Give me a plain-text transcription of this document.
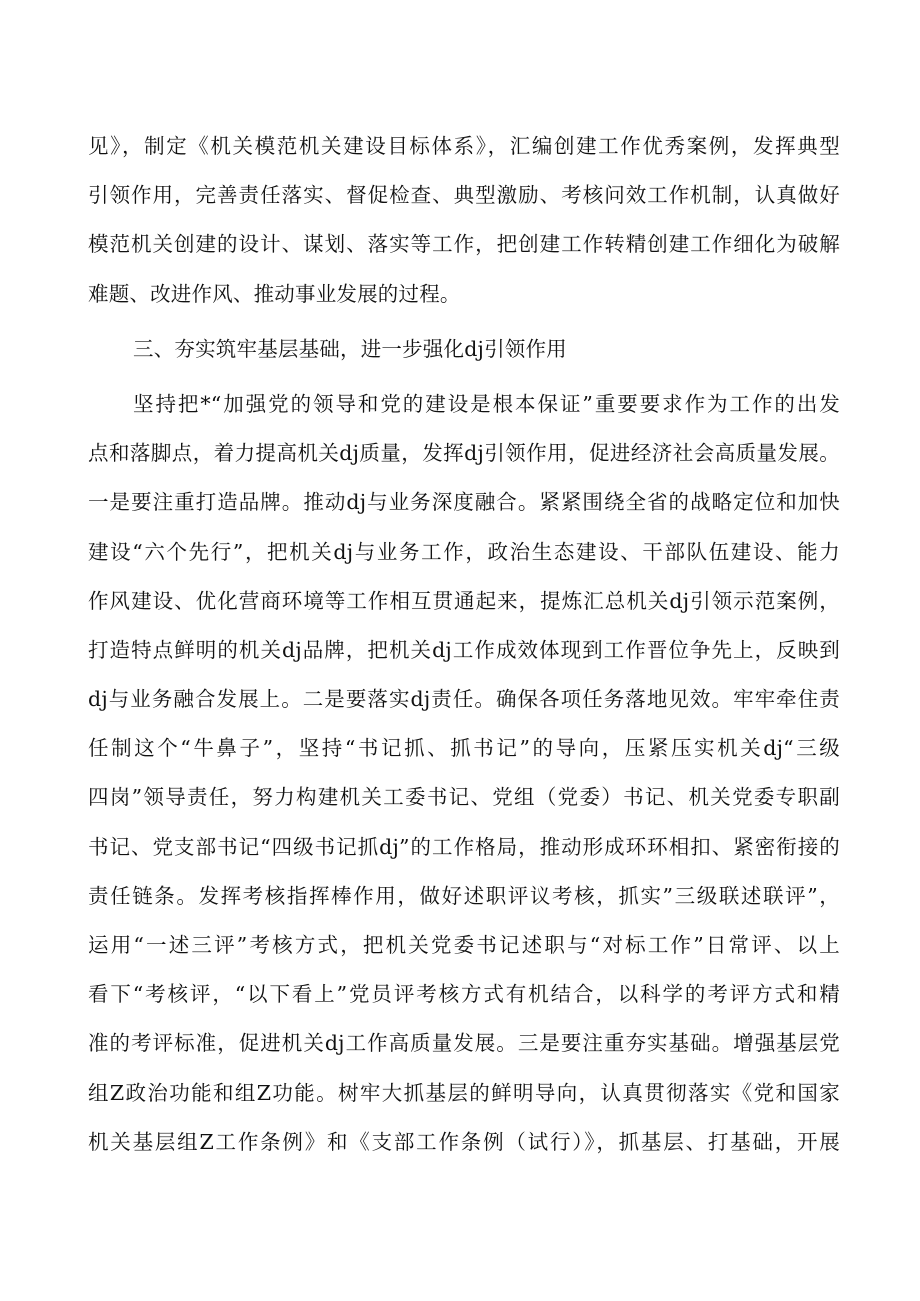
见》，制定《机关模范机关建设目标体系》，汇编创建工作优秀案例，发挥典型
引领作用，完善责任落实、督促检查、典型激励、考核问效工作机制，认真做好
模范机关创建的设计、谋划、落实等工作，把创建工作转精创建工作细化为破解
难题、改进作风、推动事业发展的过程。
三、夯实筑牢基层基础，进一步强化dj引领作用
坚持把*“加强党的领导和党的建设是根本保证”重要要求作为工作的出发
点和落脚点，着力提高机关dj质量，发挥dj引领作用，促进经济社会高质量发展。
一是要注重打造品牌。推动dj与业务深度融合。紧紧围绕全省的战略定位和加快
建设“六个先行”，把机关dj与业务工作，政治生态建设、干部队伍建设、能力
作风建设、优化营商环境等工作相互贯通起来，提炼汇总机关dj引领示范案例，
打造特点鲜明的机关dj品牌，把机关dj工作成效体现到工作晋位争先上，反映到
dj与业务融合发展上。二是要落实dj责任。确保各项任务落地见效。牢牢牵住责
任制这个“牛鼻子”，坚持“书记抓、抓书记”的导向，压紧压实机关dj“三级
四岗”领导责任，努力构建机关工委书记、党组（党委）书记、机关党委专职副
书记、党支部书记“四级书记抓dj”的工作格局，推动形成环环相扣、紧密衔接的
责任链条。发挥考核指挥棒作用，做好述职评议考核，抓实”三级联述联评”，
运用“一述三评”考核方式，把机关党委书记述职与“对标工作”日常评、以上
看下“考核评，“以下看上”党员评考核方式有机结合，以科学的考评方式和精
准的考评标准，促进机关dj工作高质量发展。三是要注重夯实基础。增强基层党
组Z政治功能和组Z功能。树牢大抓基层的鲜明导向，认真贯彻落实《党和国家
机关基层组Z工作条例》和《支部工作条例（试行）》，抓基层、打基础，开展
